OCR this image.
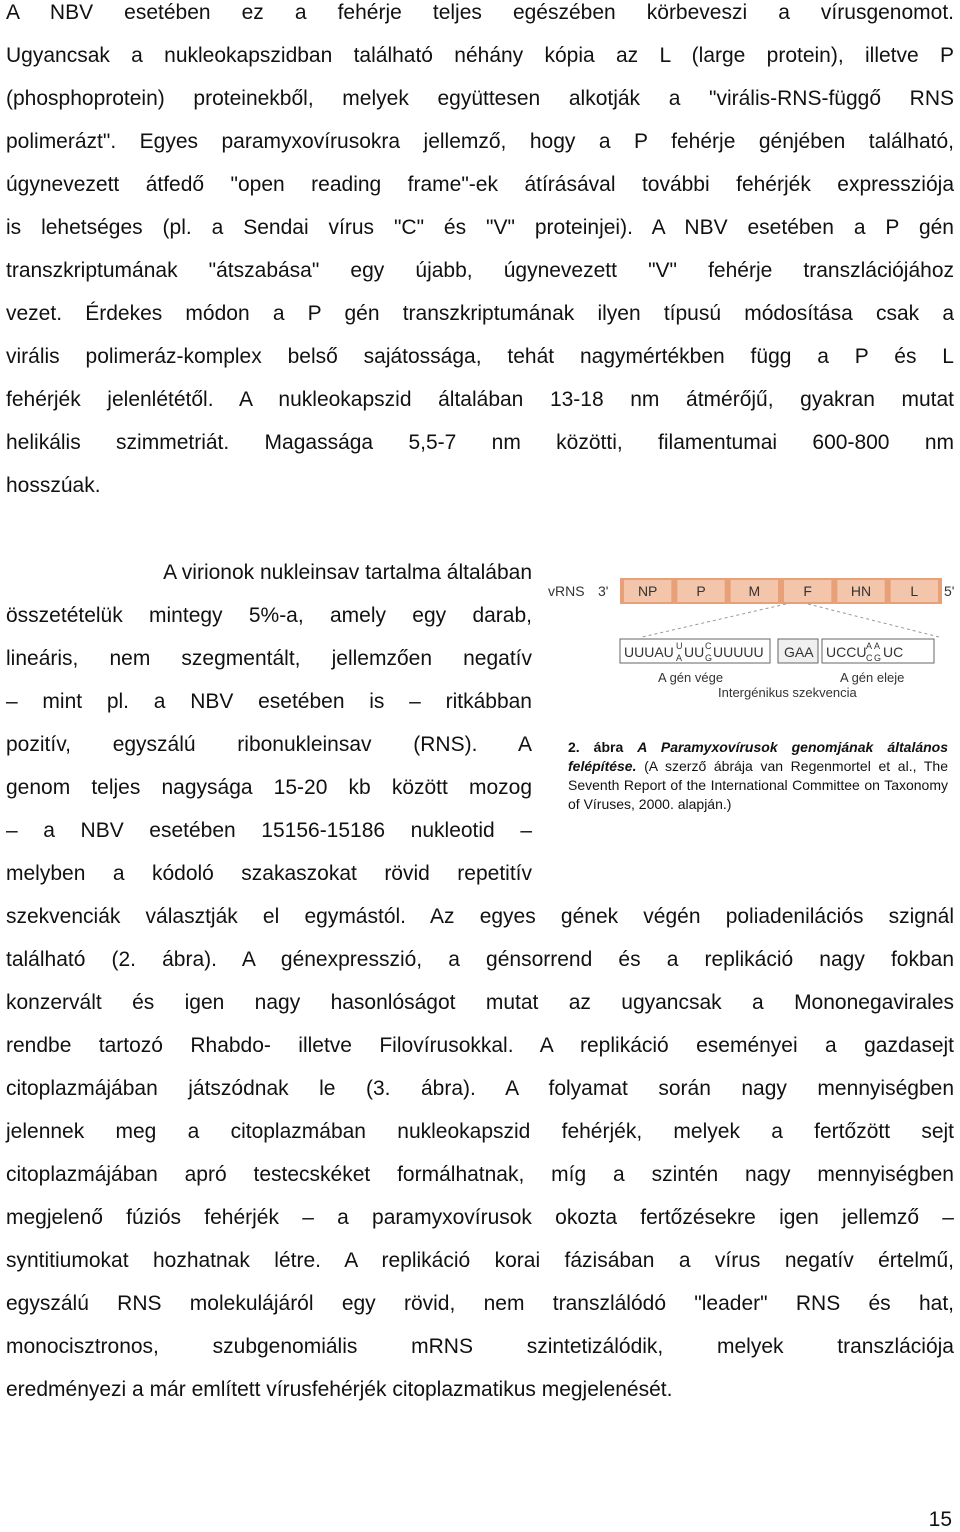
A NBV esetében ez a fehérje teljes egészében körbeveszi a vírusgenomot.
Ugyancsak a nukleokapszidban található néhány kópia az L (large protein), illetve P
(phosphoprotein) proteinekből, melyek együttesen alkotják a "virális-RNS-függő RNS
polimerázt". Egyes paramyxovírusokra jellemző, hogy a P fehérje génjében található,
úgynevezett átfedő "open reading frame"-ek átírásával további fehérjék expressziója
is lehetséges (pl. a Sendai vírus "C" és "V" proteinjei). A NBV esetében a P gén
transzkriptumának "átszabása" egy újabb, úgynevezett "V" fehérje transzlációjához
vezet. Érdekes módon a P gén transzkriptumának ilyen típusú módosítása csak a
virális polimeráz-komplex belső sajátossága, tehát nagymértékben függ a P és L
fehérjék jelenlététől. A nukleokapszid általában 13-18 nm átmérőjű, gyakran mutat
helikális szimmetriát. Magassága 5,5-7 nm közötti, filamentumai 600-800 nm
hosszúak.
A virionok nukleinsav tartalma általában
összetételük mintegy 5%-a, amely egy darab,
lineáris, nem szegmentált, jellemzően negatív
– mint pl. a NBV esetében is – ritkábban
pozitív, egyszálú ribonukleinsav (RNS). A
genom teljes nagysága 15-20 kb között mozog
– a NBV esetében 15156-15186 nukleotid –
melyben a kódoló szakaszokat rövid repetitív
szekvenciák választják el egymástól. Az egyes gének végén poliadenilációs szignál
található (2. ábra). A génexpresszió, a génsorrend és a replikáció nagy fokban
konzervált és igen nagy hasonlóságot mutat az ugyancsak a Mononegavirales
rendbe tartozó Rhabdo- illetve Filovírusokkal. A replikáció eseményei a gazdasejt
citoplazmájában játszódnak le (3. ábra). A folyamat során nagy mennyiségben
jelennek meg a citoplazmában nukleokapszid fehérjék, melyek a fertőzött sejt
citoplazmájában apró testecskéket formálhatnak, míg a szintén nagy mennyiségben
megjelenő fúziós fehérjék – a paramyxovírusok okozta fertőzésekre igen jellemző –
syntitiumokat hozhatnak létre. A replikáció korai fázisában a vírus negatív értelmű,
egyszálú RNS molekulájáról egy rövid, nem transzlálódó "leader" RNS és hat,
monocisztronos, szubgenomiális mRNS szintetizálódik, melyek transzlációja
eredményezi a már említett vírusfehérjék citoplazmatikus megjelenését.
vRNS 3' NP	P	M	F	HN	L 5'
UUUAU U
A UU C
G UUUUU GAA UCCU A
C
A
G UC
A gén vége	A gén eleje
Intergénikus szekvencia
2. ábra A Paramyxovírusok genomjának általános felépítése. (A szerző ábrája van Regenmortel et al., The Seventh Report of the International Committee on Taxonomy of Víruses, 2000. alapján.)
15
